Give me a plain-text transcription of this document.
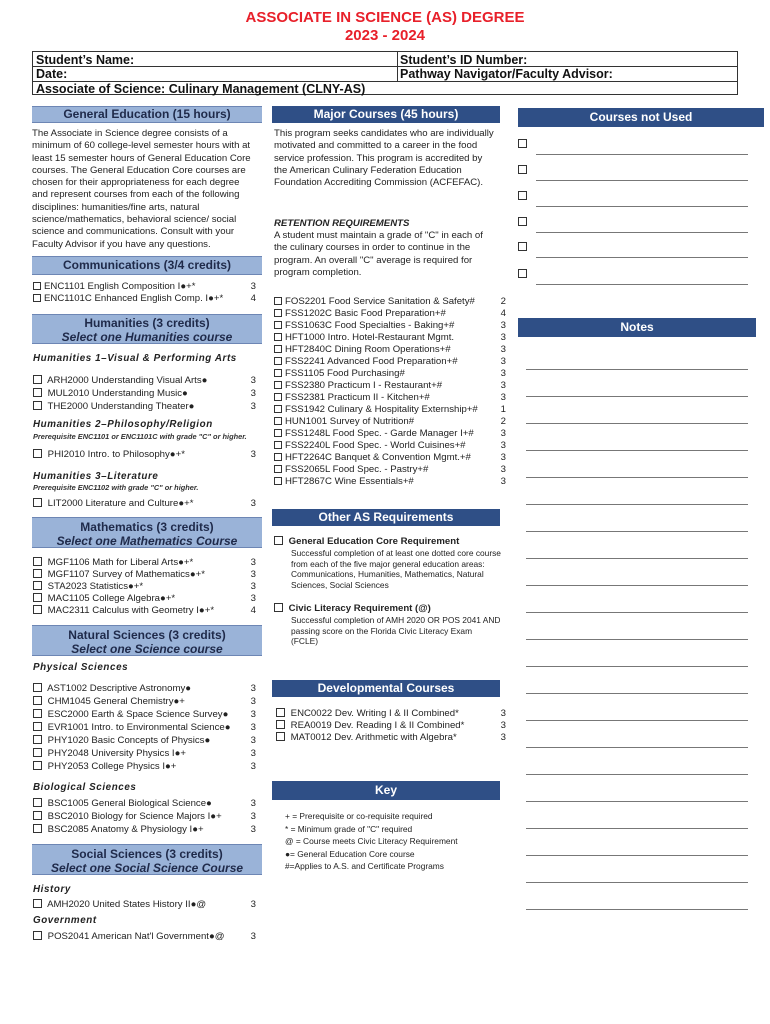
ASSOCIATE IN SCIENCE (AS) DEGREE
2023 - 2024
Student’s Name:
Date:
Associate of Science: Culinary Management (CLNY-AS)
Student’s ID Number:
Pathway Navigator/Faculty Advisor:
General Education (15 hours)
The Associate in Science degree consists of a minimum of 60 college-level semester hours with at least 15 semester hours of General Education Core courses. The General Education Core courses are chosen for their appropriateness for each degree and represent courses from each of the following disciplines: humanities/fine arts, natural science/mathematics, behavioral science/ social science and communications. Consult with your Faculty Advisor if you have any questions.
Communications (3/4 credits)
ENC1101 English Composition I●+*	3
ENC1101C Enhanced English Comp. I●+*	4
Humanities (3 credits)
Select one Humanities course
Humanities 1–Visual & Performing Arts
ARH2000 Understanding Visual Arts●	3
MUL2010 Understanding Music●	3
THE2000 Understanding Theater●	3
Humanities 2–Philosophy/Religion
Prerequisite ENC1101 or ENC1101C with grade "C" or higher.
PHI2010 Intro. to Philosophy●+*	3
Humanities 3–Literature
Prerequisite ENC1102 with grade "C" or higher.
LIT2000 Literature and Culture●+*	3
Mathematics (3 credits)
Select one Mathematics Course
MGF1106 Math for Liberal Arts●+*	3
MGF1107 Survey of Mathematics●+*	3
STA2023 Statistics●+*	3
MAC1105 College Algebra●+*	3
MAC2311 Calculus with Geometry I●+*	4
Natural Sciences (3 credits)
Select one Science course
Physical Sciences
AST1002 Descriptive Astronomy●	3
CHM1045 General Chemistry●+	3
ESC2000 Earth & Space Science Survey●	3
EVR1001 Intro. to Environmental Science●	3
PHY1020 Basic Concepts of Physics●	3
PHY2048 University Physics I●+	3
PHY2053 College Physics I●+	3
Biological Sciences
BSC1005 General Biological Science●	3
BSC2010 Biology for Science Majors I●+	3
BSC2085 Anatomy & Physiology I●+	3
Social Sciences (3 credits)
Select one Social Science Course
History
AMH2020 United States History II●@	3
Government
POS2041 American Nat'l Government●@	3
Major Courses (45 hours)
This program seeks candidates who are individually motivated and committed to a career in the food service profession. This program is accredited by the American Culinary Federation Education Foundation Accrediting Commission (ACFEFAC).
RETENTION REQUIREMENTS
A student must maintain a grade of "C" in each of the culinary courses in order to continue in the program. An overall "C" average is required for program completion.
FOS2201 Food Service Sanitation & Safety#	2
FSS1202C Basic Food Preparation+#	4
FSS1063C Food Specialties - Baking+#	3
HFT1000 Intro. Hotel-Restaurant Mgmt.	3
HFT2840C Dining Room Operations+#	3
FSS2241 Advanced Food Preparation+#	3
FSS1105 Food Purchasing#	3
FSS2380 Practicum I - Restaurant+#	3
FSS2381 Practicum II - Kitchen+#	3
FSS1942 Culinary & Hospitality Externship+#	1
HUN1001 Survey of Nutrition#	2
FSS1248L Food Spec. - Garde Manager I+#	3
FSS2240L Food Spec. - World Cuisines+#	3
HFT2264C Banquet & Convention Mgmt.+#	3
FSS2065L Food Spec. - Pastry+#	3
HFT2867C Wine Essentials+#	3
Other AS Requirements
General Education Core Requirement
Successful completion of at least one dotted core course from each of the five major general education areas: Communications, Humanities, Mathematics, Natural Sciences, Social Sciences
Civic Literacy Requirement (@)
Successful completion of AMH 2020 OR POS 2041 AND passing score on the Florida Civic Literacy Exam (FCLE)
Developmental Courses
ENC0022 Dev. Writing I & II Combined*	3
REA0019 Dev. Reading I & II Combined*	3
MAT0012 Dev. Arithmetic with Algebra*	3
Key
+ = Prerequisite or co-requisite required
* = Minimum grade of "C" required
@ = Course meets Civic Literacy Requirement
●= General Education Core course
#=Applies to A.S. and Certificate Programs
Courses not Used
Notes
